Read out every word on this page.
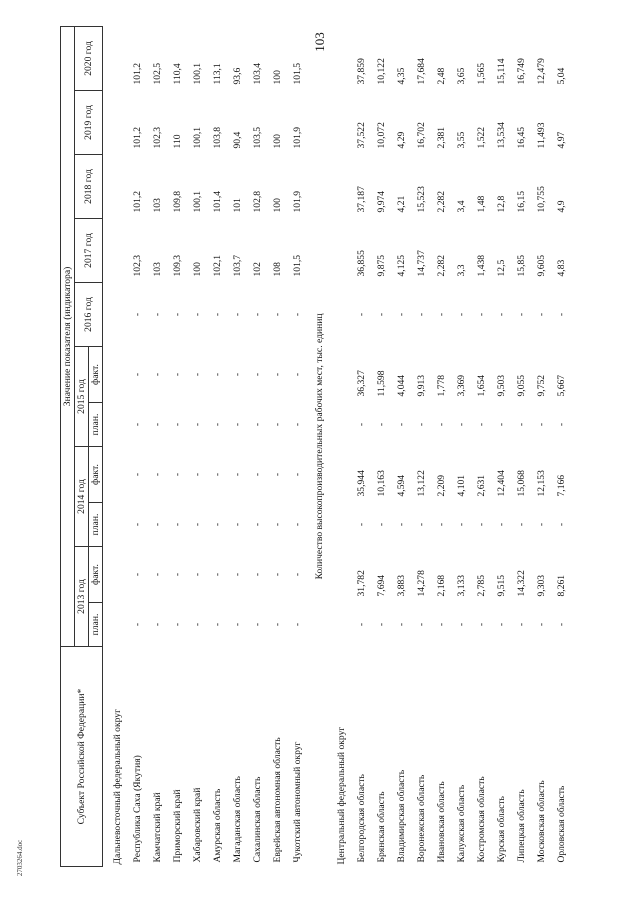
103
Субъект Российской Федерации*	Значение показателя (индикатора)										
	2013 год		2014 год		2015 год		2016 год	2017 год	2018 год	2019 год	2020 год
	план.	факт.	план.	факт.	план.	факт.					
Дальневосточный федеральный округ											
Республика Саха (Якутия)	-	-	-	-	-	-	-	102,3	101,2	101,2	101,2
Камчатский край	-	-	-	-	-	-	-	103	103	102,3	102,5
Приморский край	-	-	-	-	-	-	-	109,3	109,8	110	110,4
Хабаровский край	-	-	-	-	-	-	-	100	100,1	100,1	100,1
Амурская область	-	-	-	-	-	-	-	102,1	101,4	103,8	113,1
Магаданская область	-	-	-	-	-	-	-	103,7	101	90,4	93,6
Сахалинская область	-	-	-	-	-	-	-	102	102,8	103,5	103,4
Еврейская автономная область	-	-	-	-	-	-	-	108	100	100	100
Чукотский автономный округ	-	-	-	-	-	-	-	101,5	101,9	101,9	101,5
Количество высокопроизводительных рабочих мест, тыс. единиц											
Центральный федеральный округ											
Белгородская область	-	31,782	-	35,944	-	36,327	-	36,855	37,187	37,522	37,859
Брянская область	-	7,694	-	10,163	-	11,598	-	9,875	9,974	10,072	10,122
Владимирская область	-	3,883	-	4,594	-	4,044	-	4,125	4,21	4,29	4,35
Воронежская область	-	14,278	-	13,122	-	9,913	-	14,737	15,523	16,702	17,684
Ивановская область	-	2,168	-	2,209	-	1,778	-	2,282	2,282	2,381	2,48
Калужская область	-	3,133	-	4,101	-	3,369	-	3,3	3,4	3,55	3,65
Костромская область	-	2,785	-	2,631	-	1,654	-	1,438	1,48	1,522	1,565
Курская область	-	9,515	-	12,404	-	9,503	-	12,5	12,8	13,534	15,114
Липецкая область	-	14,322	-	15,068	-	9,055	-	15,85	16,15	16,45	16,749
Московская область	-	9,303	-	12,153	-	9,752	-	9,605	10,755	11,493	12,479
Орловская область	-	8,261	-	7,166	-	5,667	-	4,83	4,9	4,97	5,04
2703264.doc
